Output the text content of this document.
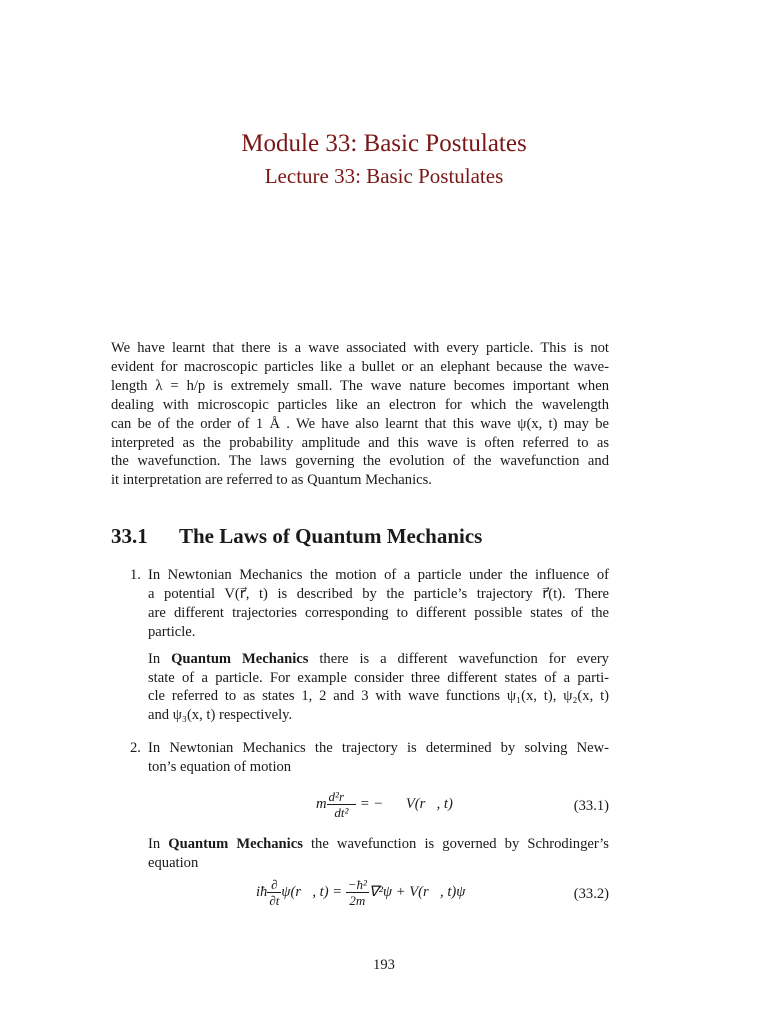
Module 33: Basic Postulates
Lecture 33: Basic Postulates
We have learnt that there is a wave associated with every particle. This is not
evident for macroscopic particles like a bullet or an elephant because the wave-
length λ = h/p is extremely small. The wave nature becomes important when
dealing with microscopic particles like an electron for which the wavelength
can be of the order of 1 Å . We have also learnt that this wave ψ(x, t) may be
interpreted as the probability amplitude and this wave is often referred to as
the wavefunction. The laws governing the evolution of the wavefunction and
it interpretation are referred to as Quantum Mechanics.
33.1 The Laws of Quantum Mechanics
1. In Newtonian Mechanics the motion of a particle under the influence of
a potential V(r⃗, t) is described by the particle’s trajectory r⃗(t). There
are different trajectories corresponding to different possible states of the
particle.
In Quantum Mechanics there is a different wavefunction for every
state of a particle. For example consider three different states of a parti-
cle referred to as states 1, 2 and 3 with wave functions ψ₁(x, t), ψ₂(x, t)
and ψ₃(x, t) respectively.
2. In Newtonian Mechanics the trajectory is determined by solving New-
ton’s equation of motion
m $\frac{\text{d²r⃗}}{\text{dt²}}$ = −∇⃗V(r⃗, t)	(33.1)
In Quantum Mechanics the wavefunction is governed by Schrodinger’s
equation
iħ $\frac{\partial}{\partial t}$ ψ(r⃗, $t) = \frac{\text{−ħ²}}{2m} \nabla^2\psi$ + V(r⃗, t)ψ	(33.2)
193
